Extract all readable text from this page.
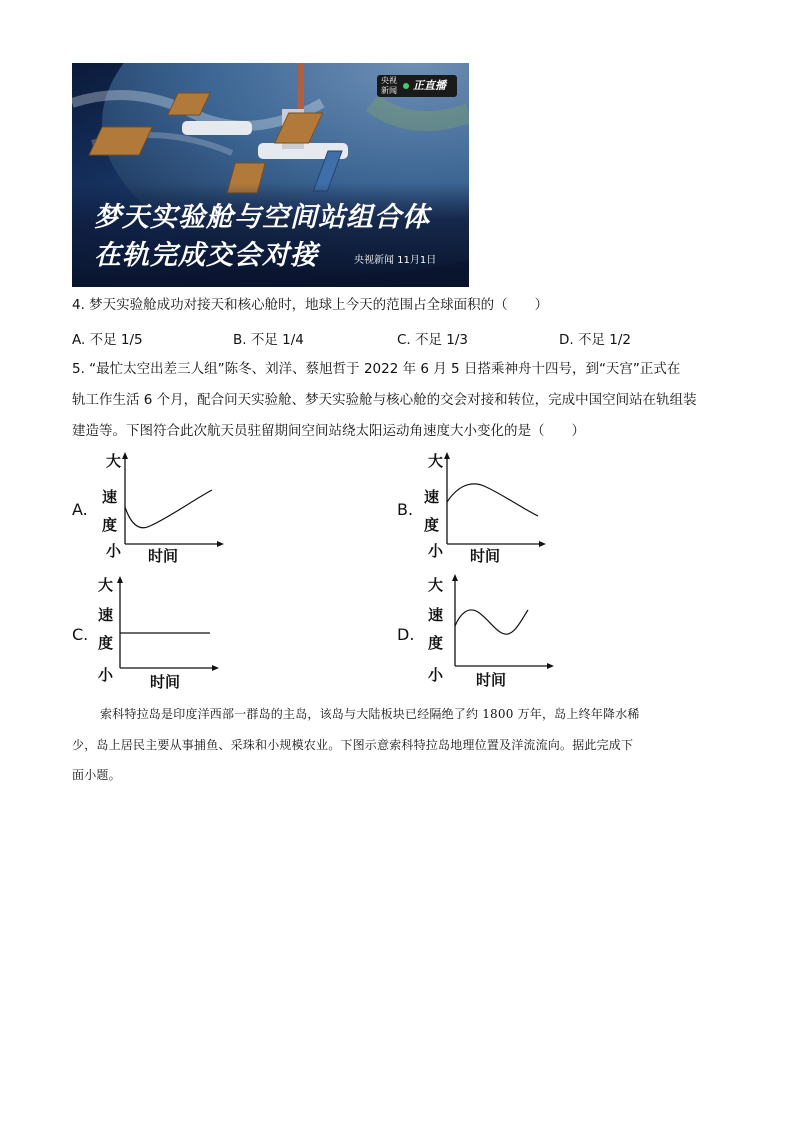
央视
新闻 正直播
梦天实验舱与空间站组合体
在轨完成交会对接	央视新闻 11月1日
4. 梦天实验舱成功对接天和核心舱时，地球上今天的范围占全球面积的（　　）
A. 不足 1/5	B. 不足 1/4	C. 不足 1/3	D. 不足 1/2
5. “最忙太空出差三人组”陈冬、刘洋、蔡旭哲于 2022 年 6 月 5 日搭乘神舟十四号，到“天宫”正式在
轨工作生活 6 个月，配合问天实验舱、梦天实验舱与核心舱的交会对接和转位，完成中国空间站在轨组装
建造等。下图符合此次航天员驻留期间空间站绕太阳运动角速度大小变化的是（　　）
A.
大
速
度
小 时间
B.
大
速
度
小 时间
C.
大
速
度
小 时间
D.
大
速
度
小 时间
索科特拉岛是印度洋西部一群岛的主岛，该岛与大陆板块已经隔绝了约 1800 万年，岛上终年降水稀
少，岛上居民主要从事捕鱼、采珠和小规模农业。下图示意索科特拉岛地理位置及洋流流向。据此完成下
面小题。
